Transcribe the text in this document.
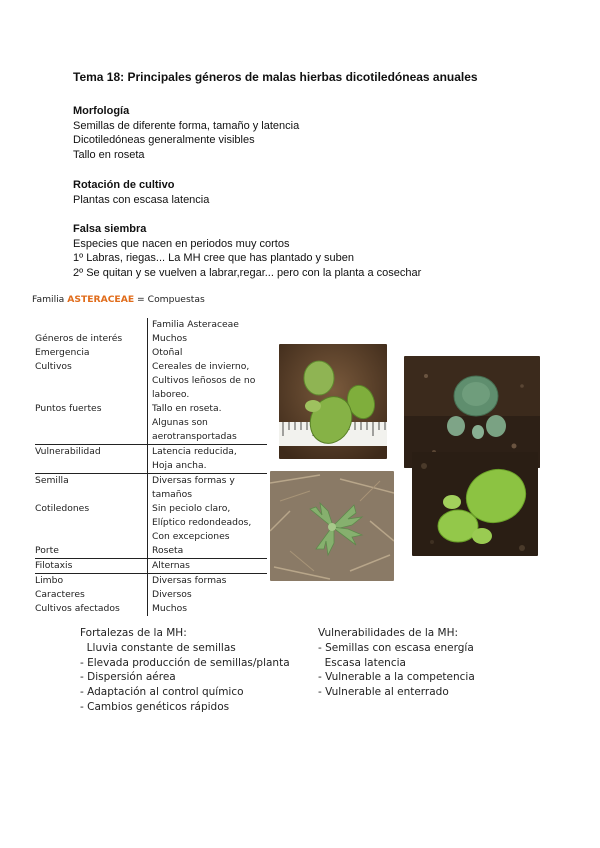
Tema 18: Principales géneros de malas hierbas dicotiledóneas anuales
Morfología
Semillas de diferente forma, tamaño y latencia
Dicotiledóneas generalmente visibles
Tallo en roseta
Rotación de cultivo
Plantas con escasa latencia
Falsa siembra
Especies que nacen en periodos muy cortos
1º Labras, riegas... La MH cree que has plantado y suben
2º Se quitan y se vuelven a labrar,regar... pero con la planta a cosechar
Familia ASTERACEAE = Compuestas
Géneros de interés
Emergencia
Cultivos
Puntos fuertes
Familia Asteraceae
Muchos
Otoñal
Cereales de invierno,
Cultivos leñosos de no
laboreo.
Tallo en roseta.
Algunas son
aerotransportadas
Vulnerabilidad	Latencia reducida,
Hoja ancha.
Semilla
Cotiledones
Porte
Diversas formas y
tamaños
Sin peciolo claro,
Elíptico redondeados,
Con excepciones
Roseta
Filotaxis	Alternas
Limbo
Caracteres
Cultivos afectados
Diversas formas
Diversos
Muchos
Fortalezas de la MH:
Lluvia constante de semillas
- Elevada producción de semillas/planta
- Dispersión aérea
- Adaptación al control químico
- Cambios genéticos rápidos
Vulnerabilidades de la MH:
- Semillas con escasa energía
Escasa latencia
- Vulnerable a la competencia
- Vulnerable al enterrado
